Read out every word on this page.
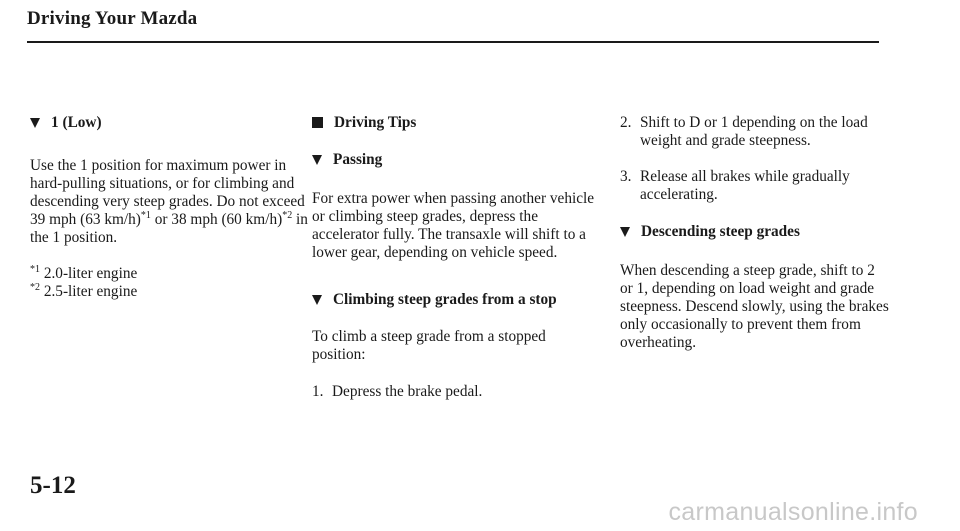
Driving Your Mazda
1 (Low)

Use the 1 position for maximum power in hard-pulling situations, or for climbing and descending very steep grades. Do not exceed 39 mph (63 km/h)$^{*1}$ or 38 mph (60 km/h)$^{*2}$ in the 1 position.

$^{*1}$ 2.0-liter engine
$^{*2}$ 2.5-liter engine
Driving Tips
Passing

For extra power when passing another vehicle or climbing steep grades, depress the accelerator fully. The transaxle will shift to a lower gear, depending on vehicle speed.

Climbing steep grades from a stop

To climb a steep grade from a stopped position:

1. Depress the brake pedal.
2. Shift to D or 1 depending on the load weight and grade steepness.
3. Release all brakes while gradually accelerating.
Descending steep grades

When descending a steep grade, shift to 2 or 1, depending on load weight and grade steepness. Descend slowly, using the brakes only occasionally to prevent them from overheating.

5-12
carmanualsonline.info
